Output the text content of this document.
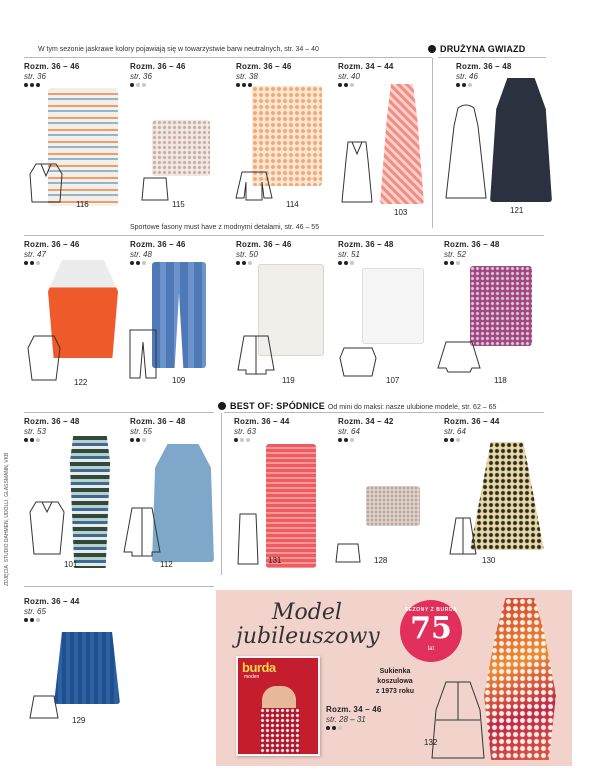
W tym sezonie jaskrawe kolory pojawiają się w towarzystwie barw neutralnych, str. 34 – 40	DRUŻYNA GWIAZD
Sportowe fasony must have z modnymi detalami, str. 46 – 55
BEST OF: SPÓDNICE Od mini do maksi: nasze ulubione modele, str. 62 – 65
ZDJĘCIA: STUDIO DAHMEN, UDOLLI, GLASSMANN, VKB
Rozm. 36 – 46
str. 36
116
Rozm. 36 – 46
str. 36
115
Rozm. 36 – 46
str. 38
114
Rozm. 34 – 44
str. 40
103
Rozm. 36 – 48
str. 46
121
Rozm. 36 – 46
str. 47
122
Rozm. 36 – 46
str. 48
109
Rozm. 36 – 46
str. 50
119
Rozm. 36 – 48
str. 51
107
Rozm. 36 – 48
str. 52
118
Rozm. 36 – 48
str. 53
101
Rozm. 36 – 48
str. 55
112
Rozm. 36 – 44
str. 63
131
Rozm. 34 – 42
str. 64
128
Rozm. 36 – 44
str. 64
130
Rozm. 36 – 44
str. 65
129
Model
jubileuszowy
SEZONY Z BURDĄ
75
lat
burda
moden
Sukienka koszulowa
z 1973 roku
Rozm. 34 – 46
str. 28 – 31
132
